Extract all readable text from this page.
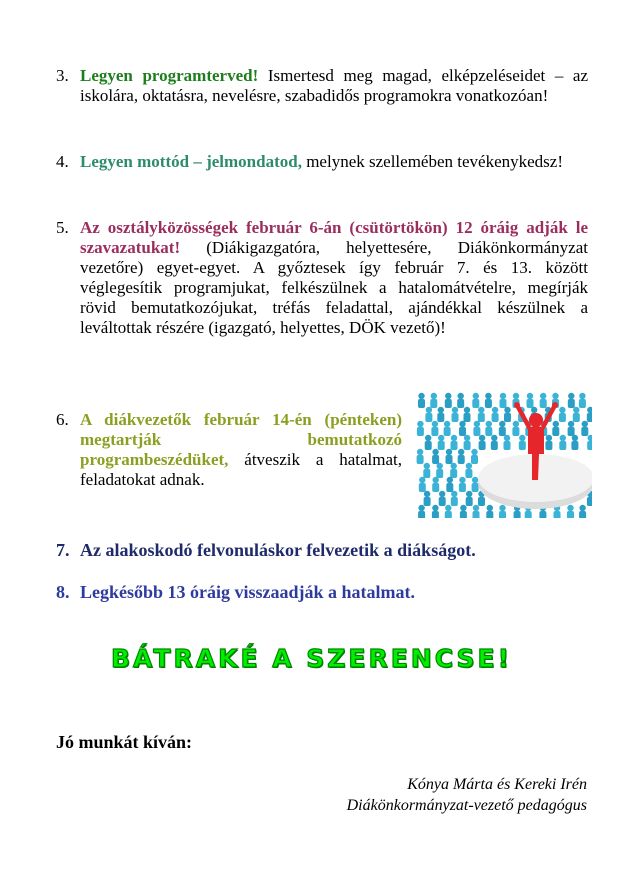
3. Legyen programterved! Ismertesd meg magad, elképzeléseidet – az iskolára, oktatásra, nevelésre, szabadidős programokra vonatkozóan!
4. Legyen mottód – jelmondatod, melynek szellemében tevékenykedsz!
5. Az osztályközösségek február 6-án (csütörtökön) 12 óráig adják le szavazatukat! (Diákigazgatóra, helyettesére, Diákönkormányzat vezetőre) egyet-egyet. A győztesek így február 7. és 13. között véglegesítik programjukat, felkészülnek a hatalomátvételre, megírják rövid bemutatkozójukat, tréfás feladattal, ajándékkal készülnek a leváltottak részére (igazgató, helyettes, DÖK vezető)!
6. A diákvezetők február 14-én (pénteken) megtartják bemutatkozó programbeszédüket, átveszik a hatalmat, feladatokat adnak.
7. Az alakoskodó felvonuláskor felvezetik a diákságot.
8. Legkésőbb 13 óráig visszaadják a hatalmat.
BÁTRAKÉ A SZERENCSE!
Jó munkát kíván:
Kónya Márta és Kereki Irén
Diákönkormányzat-vezető pedagógus
